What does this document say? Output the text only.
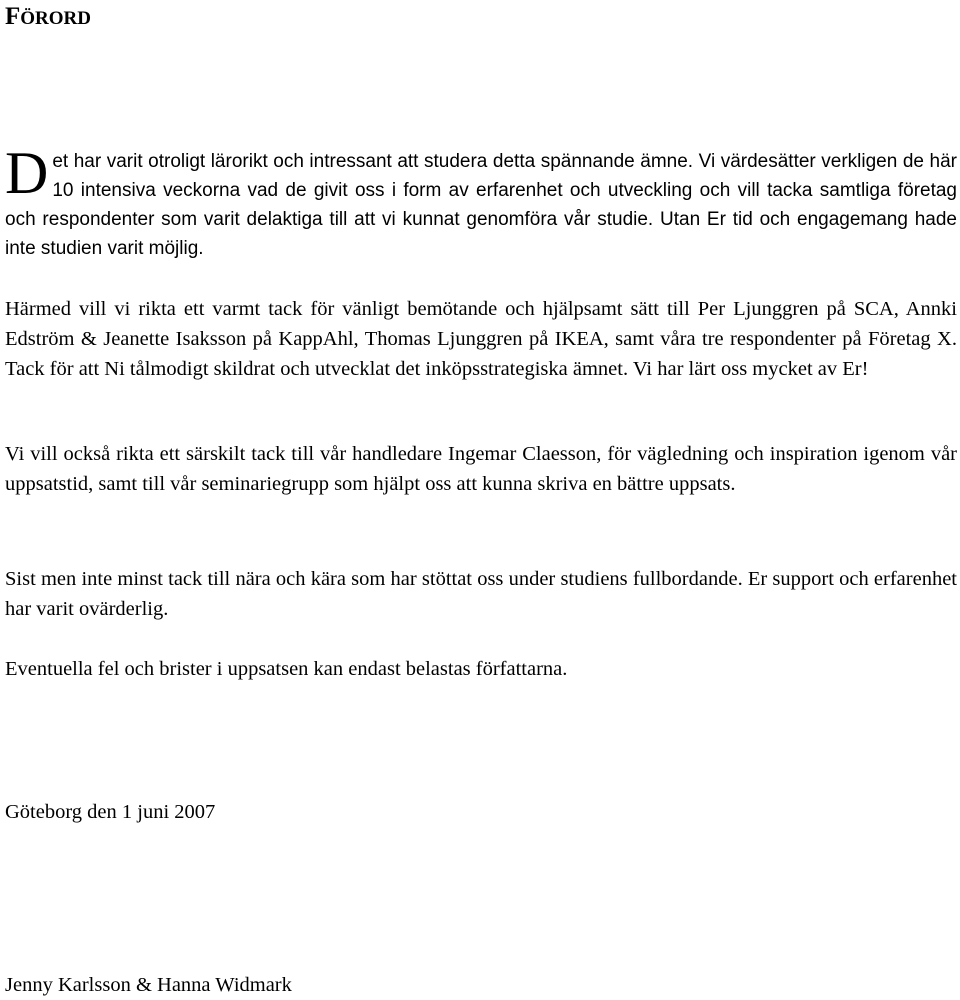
FÖRORD

Det har varit otroligt lärorikt och intressant att studera detta spännande ämne. Vi värdesätter verkligen de här 10 intensiva veckorna vad de givit oss i form av erfarenhet och utveckling och vill tacka samtliga företag och respondenter som varit delaktiga till att vi kunnat genomföra vår studie. Utan Er tid och engagemang hade inte studien varit möjlig.

Härmed vill vi rikta ett varmt tack för vänligt bemötande och hjälpsamt sätt till Per Ljunggren på SCA, Annki Edström & Jeanette Isaksson på KappAhl, Thomas Ljunggren på IKEA, samt våra tre respondenter på Företag X. Tack för att Ni tålmodigt skildrat och utvecklat det inköpsstrategiska ämnet. Vi har lärt oss mycket av Er!

Vi vill också rikta ett särskilt tack till vår handledare Ingemar Claesson, för vägledning och inspiration igenom vår uppsatstid, samt till vår seminariegrupp som hjälpt oss att kunna skriva en bättre uppsats.

Sist men inte minst tack till nära och kära som har stöttat oss under studiens fullbordande. Er support och erfarenhet har varit ovärderlig.

Eventuella fel och brister i uppsatsen kan endast belastas författarna.

Göteborg den 1 juni 2007

Jenny Karlsson & Hanna Widmark
